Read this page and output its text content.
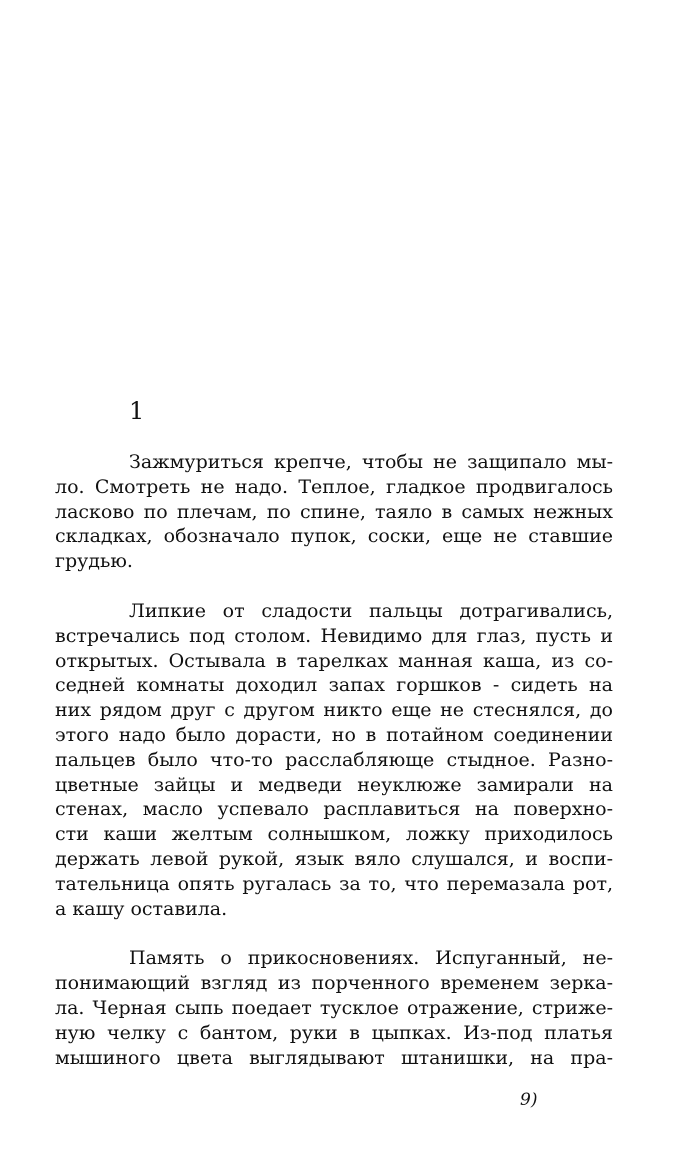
1

Зажмуриться крепче, чтобы не защипало мы-
ло. Смотреть не надо. Теплое, гладкое продвигалось
ласково по плечам, по спине, таяло в самых нежных
складках, обозначало пупок, соски, еще не ставшие
грудью.

Липкие от сладости пальцы дотрагивались,
встречались под столом. Невидимо для глаз, пусть и
открытых. Остывала в тарелках манная каша, из со-
седней комнаты доходил запах горшков - сидеть на
них рядом друг с другом никто еще не стеснялся, до
этого надо было дорасти, но в потайном соединении
пальцев было что-то расслабляюще стыдное. Разно-
цветные зайцы и медведи неуклюже замирали на
стенах, масло успевало расплавиться на поверхно-
сти каши желтым солнышком, ложку приходилось
держать левой рукой, язык вяло слушался, и воспи-
тательница опять ругалась за то, что перемазала рот,
а кашу оставила.

Память о прикосновениях. Испуганный, не-
понимающий взгляд из порченного временем зерка-
ла. Черная сыпь поедает тусклое отражение, стриже-
ную челку с бантом, руки в цыпках. Из-под платья
мышиного цвета выглядывают штанишки, на пра-

9)
